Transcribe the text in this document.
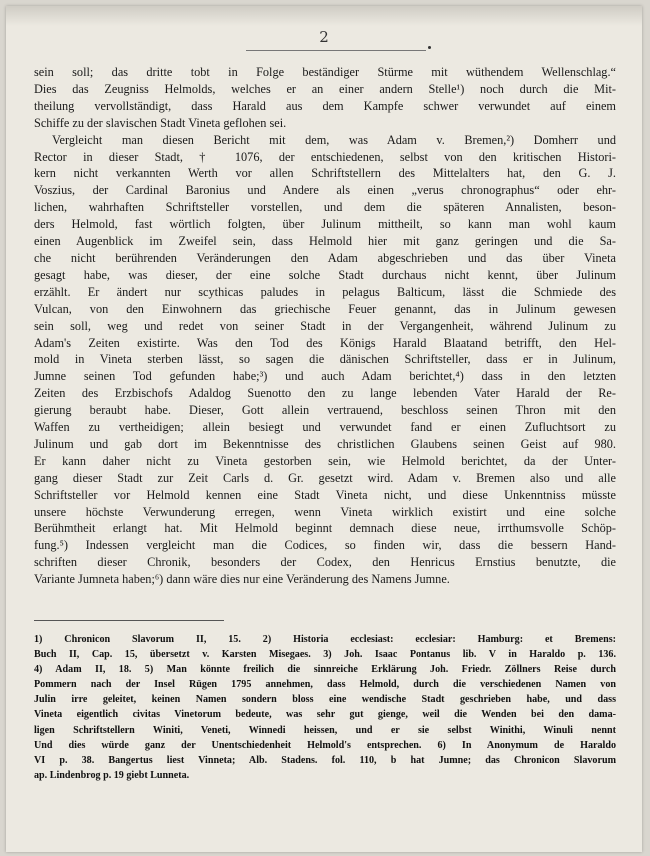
2
sein soll; das dritte tobt in Folge beständiger Stürme mit wüthendem Wellenschlag.“
Dies das Zeugniss Helmolds, welches er an einer andern Stelle¹) noch durch die Mit-
theilung vervollständigt, dass Harald aus dem Kampfe schwer verwundet auf einem
Schiffe zu der slavischen Stadt Vineta geflohen sei.
Vergleicht man diesen Bericht mit dem, was Adam v. Bremen,²) Domherr und
Rector in dieser Stadt, † 1076, der entschiedenen, selbst von den kritischen Histori-
kern nicht verkannten Werth vor allen Schriftstellern des Mittelalters hat, den G. J.
Voszius, der Cardinal Baronius und Andere als einen „verus chronographus“ oder ehr-
lichen, wahrhaften Schriftsteller vorstellen, und dem die späteren Annalisten, beson-
ders Helmold, fast wörtlich folgten, über Julinum mittheilt, so kann man wohl kaum
einen Augenblick im Zweifel sein, dass Helmold hier mit ganz geringen und die Sa-
che nicht berührenden Veränderungen den Adam abgeschrieben und das über Vineta
gesagt habe, was dieser, der eine solche Stadt durchaus nicht kennt, über Julinum
erzählt. Er ändert nur scythicas paludes in pelagus Balticum, lässt die Schmiede des
Vulcan, von den Einwohnern das griechische Feuer genannt, das in Julinum gewesen
sein soll, weg und redet von seiner Stadt in der Vergangenheit, während Julinum zu
Adam's Zeiten existirte. Was den Tod des Königs Harald Blaatand betrifft, den Hel-
mold in Vineta sterben lässt, so sagen die dänischen Schriftsteller, dass er in Julinum,
Jumne seinen Tod gefunden habe;³) und auch Adam berichtet,⁴) dass in den letzten
Zeiten des Erzbischofs Adaldog Suenotto den zu lange lebenden Vater Harald der Re-
gierung beraubt habe. Dieser, Gott allein vertrauend, beschloss seinen Thron mit den
Waffen zu vertheidigen; allein besiegt und verwundet fand er einen Zufluchtsort zu
Julinum und gab dort im Bekenntnisse des christlichen Glaubens seinen Geist auf 980.
Er kann daher nicht zu Vineta gestorben sein, wie Helmold berichtet, da der Unter-
gang dieser Stadt zur Zeit Carls d. Gr. gesetzt wird. Adam v. Bremen also und alle
Schriftsteller vor Helmold kennen eine Stadt Vineta nicht, und diese Unkenntniss müsste
unsere höchste Verwunderung erregen, wenn Vineta wirklich existirt und eine solche
Berühmtheit erlangt hat. Mit Helmold beginnt demnach diese neue, irrthumsvolle Schöp-
fung.⁵) Indessen vergleicht man die Codices, so finden wir, dass die bessern Hand-
schriften dieser Chronik, besonders der Codex, den Henricus Ernstius benutzte, die
Variante Jumneta haben;⁶) dann wäre dies nur eine Veränderung des Namens Jumne.
1) Chronicon Slavorum II, 15. 2) Historia ecclesiast: ecclesiar: Hamburg: et Bremens:
Buch II, Cap. 15, übersetzt v. Karsten Misegaes. 3) Joh. Isaac Pontanus lib. V in Haraldo p. 136.
4) Adam II, 18. 5) Man könnte freilich die sinnreiche Erklärung Joh. Friedr. Zöllners Reise durch
Pommern nach der Insel Rügen 1795 annehmen, dass Helmold, durch die verschiedenen Namen von
Julin irre geleitet, keinen Namen sondern bloss eine wendische Stadt geschrieben habe, und dass
Vineta eigentlich civitas Vinetorum bedeute, was sehr gut gienge, weil die Wenden bei den dama-
ligen Schriftstellern Winiti, Veneti, Winnedi heissen, und er sie selbst Winithi, Winuli nennt
Und dies würde ganz der Unentschiedenheit Helmold's entsprechen. 6) In Anonymum de Haraldo
VI p. 38. Bangertus liest Vinneta; Alb. Stadens. fol. 110, b hat Jumne; das Chronicon Slavorum
ap. Lindenbrog p. 19 giebt Lunneta.
